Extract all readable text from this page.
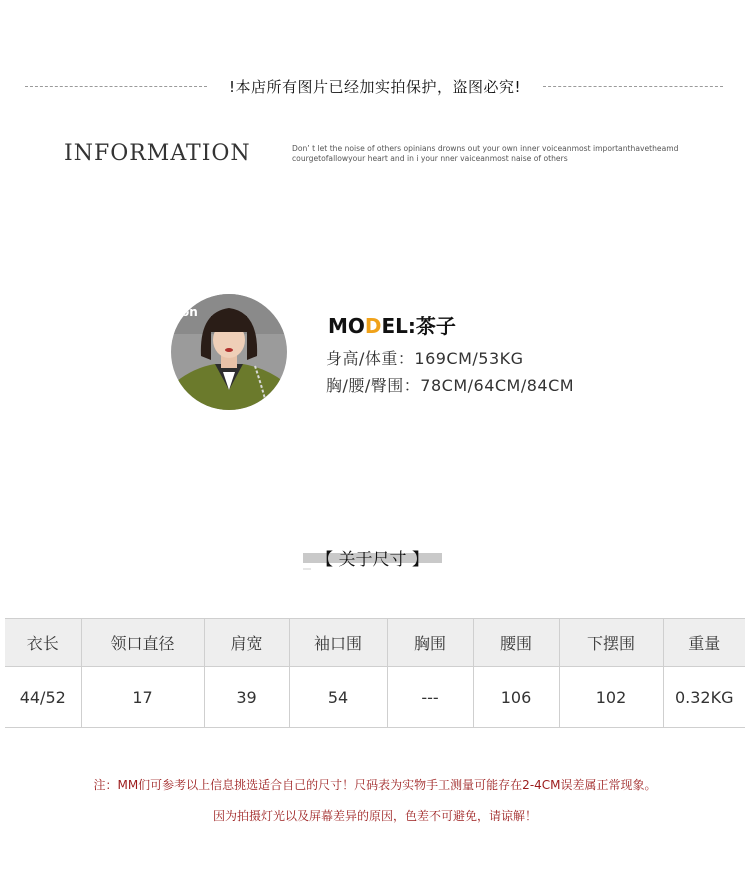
!本店所有图片已经加实拍保护，盗图必究!
INFORMATION	Don’ t let the noise of others opinians drowns out your own inner voiceanmost importanthavetheamd
courgetofallowyour heart and in i your nner vaiceanmost naise of others
on
MODEL:茶子
身高/体重：169CM/53KG
胸/腰/臀围：78CM/64CM/84CM
【 关于尺寸 】
衣长	领口直径	肩宽	袖口围	胸围	腰围	下摆围	重量
44/52	17	39	54	---	106	102	0.32KG
注：MM们可参考以上信息挑选适合自己的尺寸！尺码表为实物手工测量可能存在2-4CM误差属正常现象。
因为拍摄灯光以及屏幕差异的原因，色差不可避免，请谅解！
